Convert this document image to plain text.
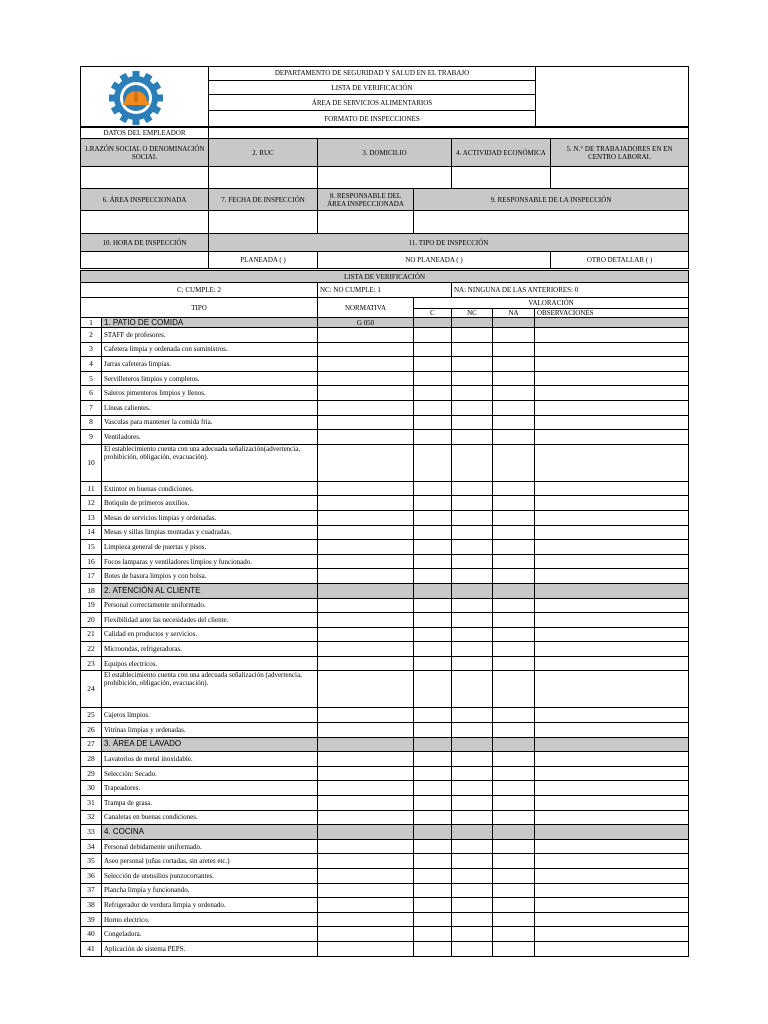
	DEPARTAMENTO DE SEGURIDAD Y SALUD EN EL TRABAJO	
LISTA DE VERIFICACIÓN
ÁREA DE SERVICIOS ALIMENTARIOS
FORMATO DE INSPECCIONES
DATOS DEL EMPLEADOR					
1.RAZÓN SOCIAL O DENOMINACIÓN SOCIAL	2. RUC	3. DOMICILIO		4. ACTIVIDAD ECONÓMICA	5. N.° DE TRABAJADORES EN EN CENTRO LABORAL

6. ÁREA INSPECCIONADA	7. FECHA DE INSPECCIÓN	8. RESPONSABLE DEL ÁREA INSPECCIONADA	9. RESPONSABLE DE LA INSPECCIÓN		

10. HORA DE INSPECCIÓN	11. TIPO DE INSPECCIÓN				
	PLANEADA ( )	NO PLANEADA ( )			OTRO DETALLAR ( )
LISTA DE VERIFICACIÓN						
C: CUMPLE: 2		NC: NO CUMPLE: 1		NA: NINGUNA DE LAS ANTERIORES: 0		
TIPO		NORMATIVA	VALORACIÓN			
			C	NC	NA	OBSERVACIONES
1	1. PATIO DE COMIDA	G 050				
2	STAFF de profesores.					
3	Cafetera limpia y ordenada con suministros.					
4	Jarras cafeteras limpias.					
5	Servilleteros limpios y completos.					
6	Saleros pimenteros limpios y llenos.					
7	Líneas calientes.					
8	Vasculas para mantener la comida fria.					
9	Ventiladores.					
10	El establecimiento cuenta con una adecuada señalización(advertencia, prohibición, obligación, evacuación).					
11	Extintor en buenas condiciones.					
12	Botiquín de primeros auxilios.					
13	Mesas de servicios limpias y ordenadas.					
14	Mesas y sillas limpias montadas y cuadradas.					
15	Limpieza general de puertas y pisos.					
16	Focos lamparas y ventiladores limpios y funcionado.					
17	Botes de basura limpios y con bolsa.					
18	2. ATENCIÓN AL CLIENTE					
19	Personal correctamente uniformado.					
20	Flexibilidad ante las necesidades del cliente.					
21	Calidad en productos y servicios.					
22	Microondas, refrigeradoras.					
23	Equipos electricos.					
24	El establecimiento cuenta con una adecuada señalización (advertencia, prohibición, obligación, evacuación).					
25	Cajeros limpios.					
26	Vitrinas limpias y ordenadas.					
27	3. ÁREA DE LAVADO					
28	Lavatorios de metal inoxidable.					
29	Selección: Secado.					
30	Trapeadores.					
31	Trampa de grasa.					
32	Canaletas en buenas condiciones.					
33	4. COCINA					
34	Personal debidamente uniformado.					
35	Aseo personal (uñas cortadas, sin aretes etc.)					
36	Selección de utensilios punzocortantes.					
37	Plancha limpia y funcionando.					
38	Refrigerador de verdura limpia y ordenado.					
39	Horno electrico.					
40	Congeladora.					
41	Aplicación de sistema PEPS.					
